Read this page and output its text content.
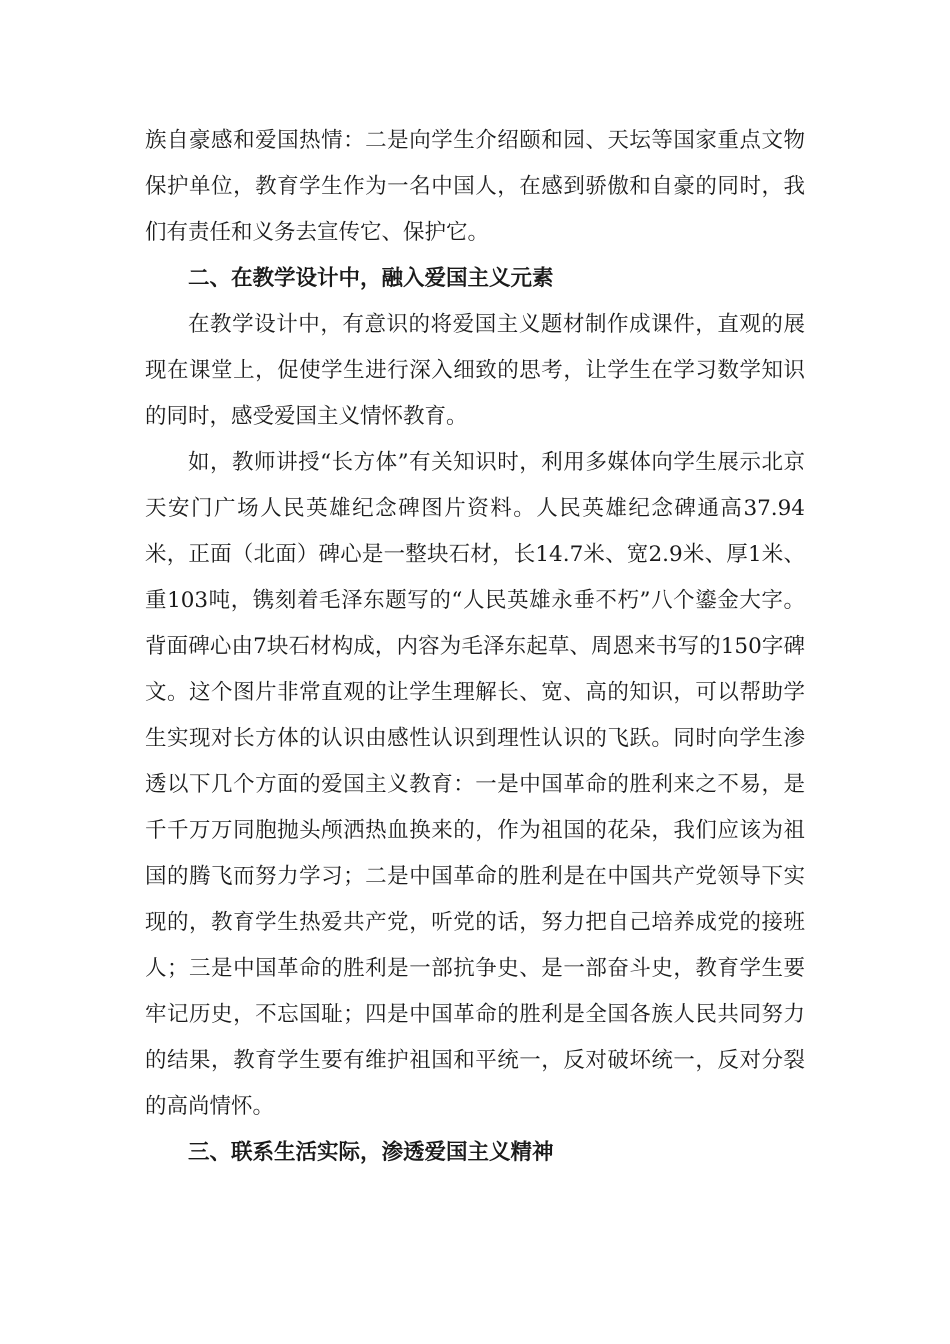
族自豪感和爱国热情：二是向学生介绍颐和园、天坛等国家重点文物保护单位，教育学生作为一名中国人，在感到骄傲和自豪的同时，我们有责任和义务去宣传它、保护它。

二、在教学设计中，融入爱国主义元素

在教学设计中，有意识的将爱国主义题材制作成课件，直观的展现在课堂上，促使学生进行深入细致的思考，让学生在学习数学知识的同时，感受爱国主义情怀教育。

如，教师讲授“长方体”有关知识时，利用多媒体向学生展示北京天安门广场人民英雄纪念碑图片资料。人民英雄纪念碑通高37.94米，正面（北面）碑心是一整块石材，长14.7米、宽2.9米、厚1米、重103吨，镌刻着毛泽东题写的“人民英雄永垂不朽”八个鎏金大字。背面碑心由7块石材构成，内容为毛泽东起草、周恩来书写的150字碑文。这个图片非常直观的让学生理解长、宽、高的知识，可以帮助学生实现对长方体的认识由感性认识到理性认识的飞跃。同时向学生渗透以下几个方面的爱国主义教育：一是中国革命的胜利来之不易，是千千万万同胞抛头颅洒热血换来的，作为祖国的花朵，我们应该为祖国的腾飞而努力学习；二是中国革命的胜利是在中国共产党领导下实现的，教育学生热爱共产党，听党的话，努力把自己培养成党的接班人；三是中国革命的胜利是一部抗争史、是一部奋斗史，教育学生要牢记历史，不忘国耻；四是中国革命的胜利是全国各族人民共同努力的结果，教育学生要有维护祖国和平统一，反对破坏统一，反对分裂的高尚情怀。

三、联系生活实际，渗透爱国主义精神
